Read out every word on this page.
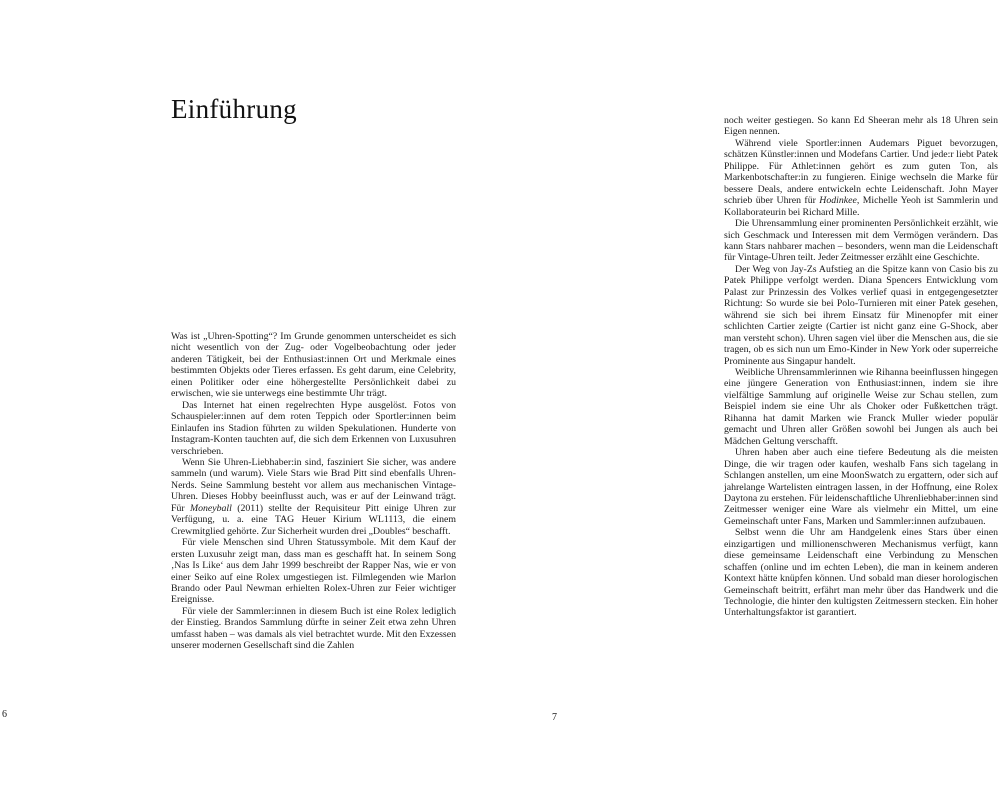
Einführung

Was ist „Uhren-Spotting“? Im Grunde genommen unterscheidet es sich nicht wesentlich von der Zug- oder Vogelbeobachtung oder jeder anderen Tätigkeit, bei der Enthusiast:innen Ort und Merkmale eines bestimmten Objekts oder Tieres erfassen. Es geht darum, eine Celebrity, einen Politiker oder eine höhergestellte Persönlichkeit dabei zu erwischen, wie sie unterwegs eine bestimmte Uhr trägt.

Das Internet hat einen regelrechten Hype ausgelöst. Fotos von Schauspieler:innen auf dem roten Teppich oder Sportler:innen beim Einlaufen ins Stadion führten zu wilden Spekulationen. Hunderte von Instagram-Konten tauchten auf, die sich dem Erkennen von Luxusuhren verschrieben.

Wenn Sie Uhren-Liebhaber:in sind, fasziniert Sie sicher, was andere sammeln (und warum). Viele Stars wie Brad Pitt sind ebenfalls Uhren-Nerds. Seine Sammlung besteht vor allem aus mechanischen Vintage-Uhren. Dieses Hobby beeinflusst auch, was er auf der Leinwand trägt. Für Moneyball (2011) stellte der Requisiteur Pitt einige Uhren zur Verfügung, u. a. eine TAG Heuer Kirium WL1113, die einem Crewmitglied gehörte. Zur Sicherheit wurden drei „Doubles“ beschafft.

Für viele Menschen sind Uhren Statussymbole. Mit dem Kauf der ersten Luxusuhr zeigt man, dass man es geschafft hat. In seinem Song ‚Nas Is Like‘ aus dem Jahr 1999 beschreibt der Rapper Nas, wie er von einer Seiko auf eine Rolex umgestiegen ist. Filmlegenden wie Marlon Brando oder Paul Newman erhielten Rolex-Uhren zur Feier wichtiger Ereignisse.

Für viele der Sammler:innen in diesem Buch ist eine Rolex lediglich der Einstieg. Brandos Sammlung dürfte in seiner Zeit etwa zehn Uhren umfasst haben – was damals als viel betrachtet wurde. Mit den Exzessen unserer modernen Gesellschaft sind die Zahlen

6

noch weiter gestiegen. So kann Ed Sheeran mehr als 18 Uhren sein Eigen nennen.

Während viele Sportler:innen Audemars Piguet bevorzugen, schätzen Künstler:innen und Modefans Cartier. Und jede:r liebt Patek Philippe. Für Athlet:innen gehört es zum guten Ton, als Markenbotschafter:in zu fungieren. Einige wechseln die Marke für bessere Deals, andere entwickeln echte Leidenschaft. John Mayer schrieb über Uhren für Hodinkee, Michelle Yeoh ist Sammlerin und Kollaborateurin bei Richard Mille.

Die Uhrensammlung einer prominenten Persönlichkeit erzählt, wie sich Geschmack und Interessen mit dem Vermögen verändern. Das kann Stars nahbarer machen – besonders, wenn man die Leidenschaft für Vintage-Uhren teilt. Jeder Zeitmesser erzählt eine Geschichte.

Der Weg von Jay-Zs Aufstieg an die Spitze kann von Casio bis zu Patek Philippe verfolgt werden. Diana Spencers Entwicklung vom Palast zur Prinzessin des Volkes verlief quasi in entgegengesetzter Richtung: So wurde sie bei Polo-Turnieren mit einer Patek gesehen, während sie sich bei ihrem Einsatz für Minenopfer mit einer schlichten Cartier zeigte (Cartier ist nicht ganz eine G-Shock, aber man versteht schon). Uhren sagen viel über die Menschen aus, die sie tragen, ob es sich nun um Emo-Kinder in New York oder superreiche Prominente aus Singapur handelt.

Weibliche Uhrensammlerinnen wie Rihanna beeinflussen hingegen eine jüngere Generation von Enthusiast:innen, indem sie ihre vielfältige Sammlung auf originelle Weise zur Schau stellen, zum Beispiel indem sie eine Uhr als Choker oder Fußkettchen trägt. Rihanna hat damit Marken wie Franck Muller wieder populär gemacht und Uhren aller Größen sowohl bei Jungen als auch bei Mädchen Geltung verschafft.

Uhren haben aber auch eine tiefere Bedeutung als die meisten Dinge, die wir tragen oder kaufen, weshalb Fans sich tagelang in Schlangen anstellen, um eine MoonSwatch zu ergattern, oder sich auf jahrelange Wartelisten eintragen lassen, in der Hoffnung, eine Rolex Daytona zu erstehen. Für leidenschaftliche Uhrenliebhaber:innen sind Zeitmesser weniger eine Ware als vielmehr ein Mittel, um eine Gemeinschaft unter Fans, Marken und Sammler:innen aufzubauen.

Selbst wenn die Uhr am Handgelenk eines Stars über einen einzigartigen und millionenschweren Mechanismus verfügt, kann diese gemeinsame Leidenschaft eine Verbindung zu Menschen schaffen (online und im echten Leben), die man in keinem anderen Kontext hätte knüpfen können. Und sobald man dieser horologischen Gemeinschaft beitritt, erfährt man mehr über das Handwerk und die Technologie, die hinter den kultigsten Zeitmessern stecken. Ein hoher Unterhaltungsfaktor ist garantiert.

7
